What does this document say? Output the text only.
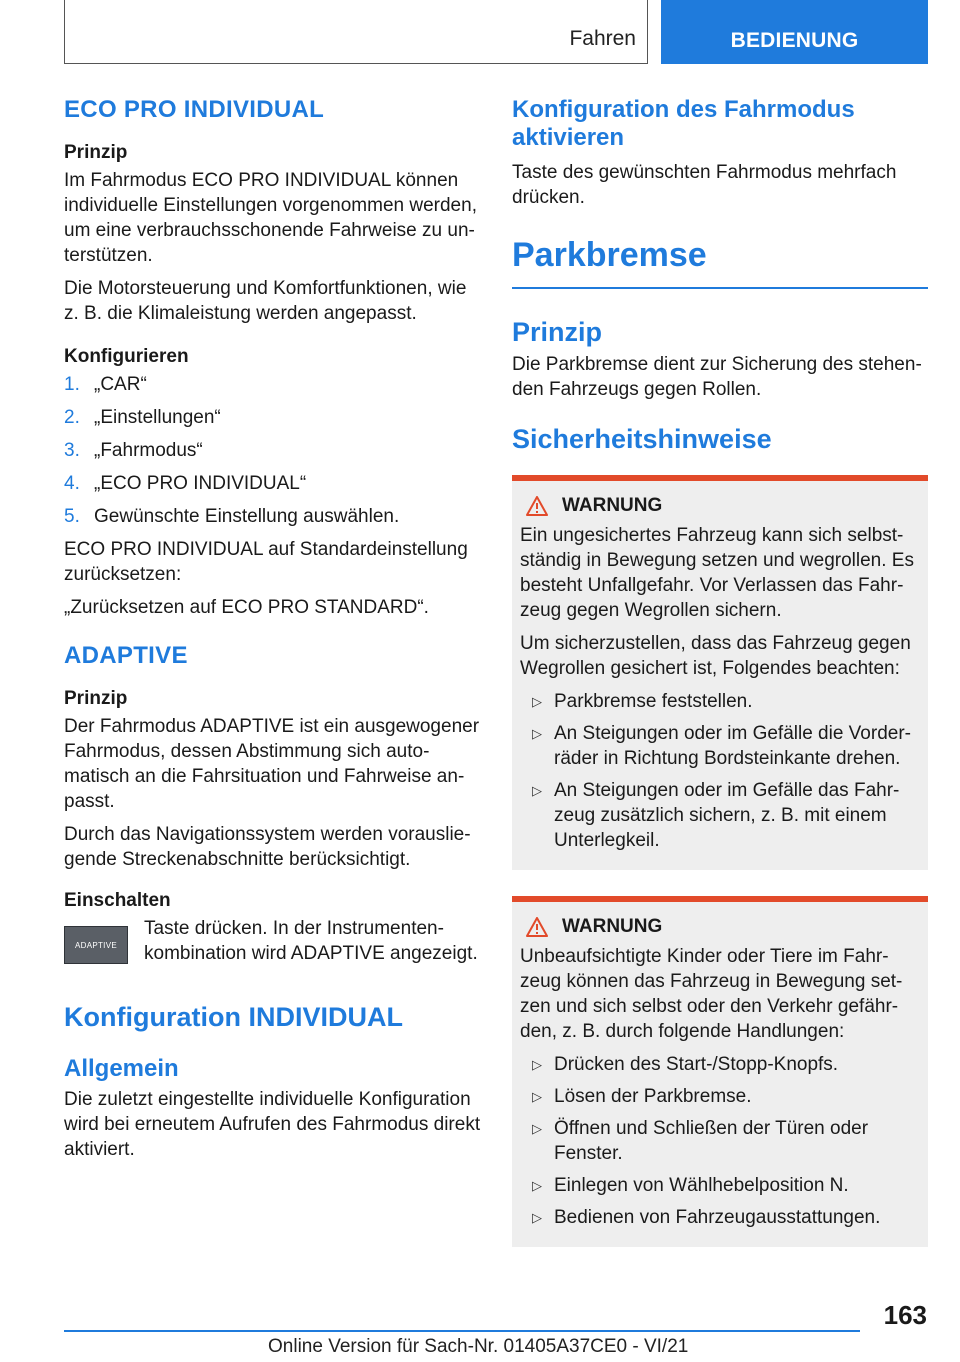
Fahren	BEDIENUNG
ECO PRO INDIVIDUAL
Prinzip

Im Fahrmodus ECO PRO INDIVIDUAL können individuelle Einstellungen vorgenommen werden, um eine verbrauchsschonende Fahrweise zu unterstützen.

Die Motorsteuerung und Komfortfunktionen, wie z. B. die Klimaleistung werden angepasst.

Konfigurieren
1. „CAR“
2. „Einstellungen“
3. „Fahrmodus“
4. „ECO PRO INDIVIDUAL“
5. Gewünschte Einstellung auswählen.

ECO PRO INDIVIDUAL auf Standardeinstellung zurücksetzen:

„Zurücksetzen auf ECO PRO STANDARD“.

ADAPTIVE
Prinzip

Der Fahrmodus ADAPTIVE ist ein ausgewogener Fahrmodus, dessen Abstimmung sich automatisch an die Fahrsituation und Fahrweise anpasst.

Durch das Navigationssystem werden vorausliegende Streckenabschnitte berücksichtigt.

Einschalten
ADAPTIVE

Taste drücken. In der Instrumentenkombination wird ADAPTIVE angezeigt.

Konfiguration INDIVIDUAL
Allgemein

Die zuletzt eingestellte individuelle Konfiguration wird bei erneutem Aufrufen des Fahrmodus direkt aktiviert.

Konfiguration des Fahrmodus aktivieren

Taste des gewünschten Fahrmodus mehrfach drücken.

Parkbremse
Prinzip

Die Parkbremse dient zur Sicherung des stehenden Fahrzeugs gegen Rollen.

Sicherheitshinweise
WARNUNG

Ein ungesichertes Fahrzeug kann sich selbstständig in Bewegung setzen und wegrollen. Es besteht Unfallgefahr. Vor Verlassen das Fahrzeug gegen Wegrollen sichern.

Um sicherzustellen, dass das Fahrzeug gegen Wegrollen gesichert ist, Folgendes beachten:

▷ Parkbremse feststellen.
▷ An Steigungen oder im Gefälle die Vorderräder in Richtung Bordsteinkante drehen.
▷ An Steigungen oder im Gefälle das Fahrzeug zusätzlich sichern, z. B. mit einem Unterlegkeil.
WARNUNG

Unbeaufsichtigte Kinder oder Tiere im Fahrzeug können das Fahrzeug in Bewegung setzen und sich selbst oder den Verkehr gefährden, z. B. durch folgende Handlungen:

▷ Drücken des Start-/Stopp-Knopfs.
▷ Lösen der Parkbremse.
▷ Öffnen und Schließen der Türen oder Fenster.
▷ Einlegen von Wählhebelposition N.
▷ Bedienen von Fahrzeugausstattungen.
163
Online Version für Sach-Nr. 01405A37CE0 - VI/21
